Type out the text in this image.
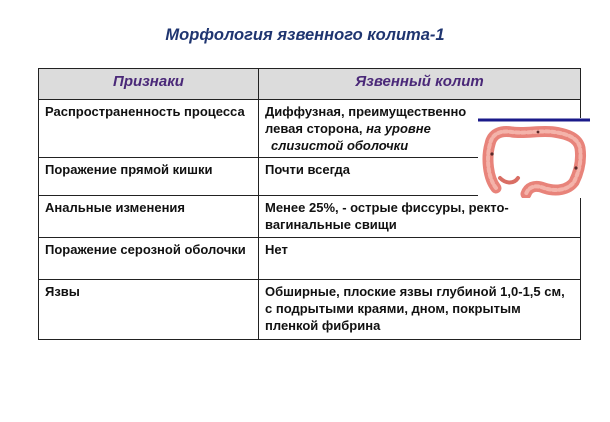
Морфология язвенного колита-1
Признаки	Язвенный колит
Распространенность процесса	Диффузная, преимущественно
левая сторона, на уровне
слизистой оболочки

Поражение прямой кишки	Почти всегда
Анальные изменения	Менее 25%, - острые фиссуры, ректо-вагинальные свищи
Поражение серозной оболочки	Нет
Язвы	Обширные, плоские язвы глубиной 1,0-1,5 см, с подрытыми краями, дном, покрытым пленкой фибрина
